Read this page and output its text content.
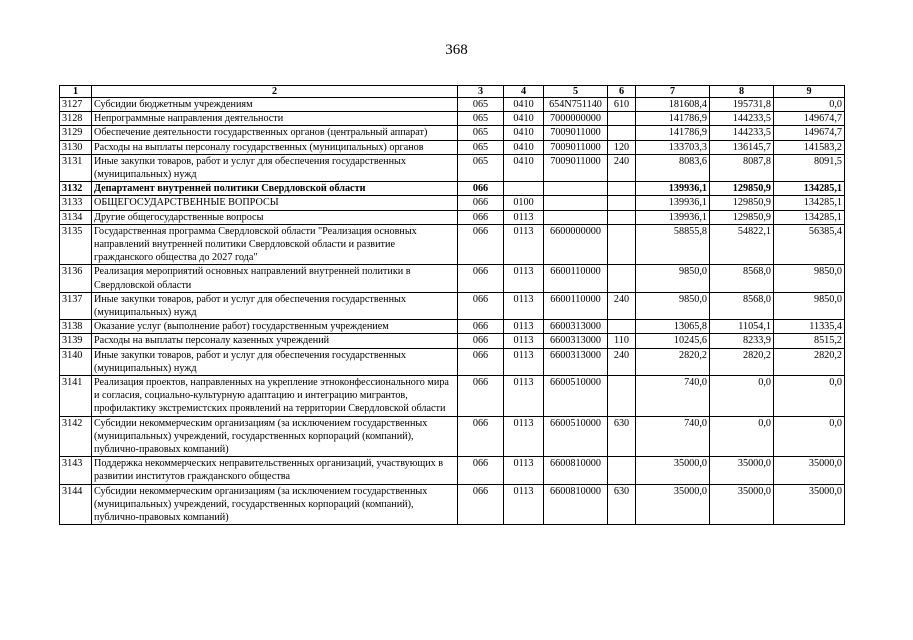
368
1	2	3	4	5	6	7	8	9
3127	Субсидии бюджетным учреждениям	065	0410	654N751140	610	181608,4	195731,8	0,0
3128	Непрограммные направления деятельности	065	0410	7000000000		141786,9	144233,5	149674,7
3129	Обеспечение деятельности государственных органов (центральный аппарат)	065	0410	7009011000		141786,9	144233,5	149674,7
3130	Расходы на выплаты персоналу государственных (муниципальных) органов	065	0410	7009011000	120	133703,3	136145,7	141583,2
3131	Иные закупки товаров, работ и услуг для обеспечения государственных (муниципальных) нужд	065	0410	7009011000	240	8083,6	8087,8	8091,5
3132	Департамент внутренней политики Свердловской области	066				139936,1	129850,9	134285,1
3133	ОБЩЕГОСУДАРСТВЕННЫЕ ВОПРОСЫ	066	0100			139936,1	129850,9	134285,1
3134	Другие общегосударственные вопросы	066	0113			139936,1	129850,9	134285,1
3135	Государственная программа Свердловской области "Реализация основных направлений внутренней политики Свердловской области и развитие гражданского общества до 2027 года"	066	0113	6600000000		58855,8	54822,1	56385,4
3136	Реализация мероприятий основных направлений внутренней политики в Свердловской области	066	0113	6600110000		9850,0	8568,0	9850,0
3137	Иные закупки товаров, работ и услуг для обеспечения государственных (муниципальных) нужд	066	0113	6600110000	240	9850,0	8568,0	9850,0
3138	Оказание услуг (выполнение работ) государственным учреждением	066	0113	6600313000		13065,8	11054,1	11335,4
3139	Расходы на выплаты персоналу казенных учреждений	066	0113	6600313000	110	10245,6	8233,9	8515,2
3140	Иные закупки товаров, работ и услуг для обеспечения государственных (муниципальных) нужд	066	0113	6600313000	240	2820,2	2820,2	2820,2
3141	Реализация проектов, направленных на укрепление этноконфессионального мира и согласия, социально-культурную адаптацию и интеграцию мигрантов, профилактику экстремистских проявлений на территории Свердловской области	066	0113	6600510000		740,0	0,0	0,0
3142	Субсидии некоммерческим организациям (за исключением государственных (муниципальных) учреждений, государственных корпораций (компаний), публично-правовых компаний)	066	0113	6600510000	630	740,0	0,0	0,0
3143	Поддержка некоммерческих неправительственных организаций, участвующих в развитии институтов гражданского общества	066	0113	6600810000		35000,0	35000,0	35000,0
3144	Субсидии некоммерческим организациям (за исключением государственных (муниципальных) учреждений, государственных корпораций (компаний), публично-правовых компаний)	066	0113	6600810000	630	35000,0	35000,0	35000,0
